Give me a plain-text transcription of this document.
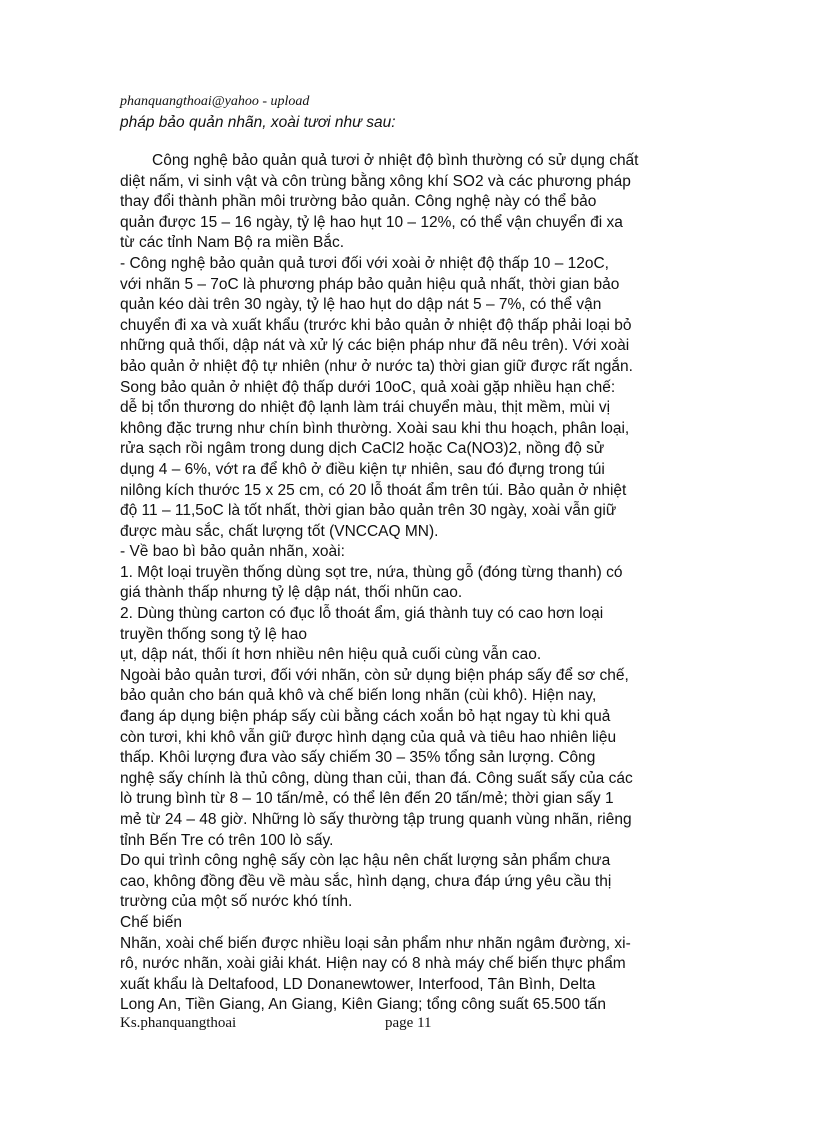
phanquangthoai@yahoo - upload
pháp bảo quản nhãn, xoài tươi như sau:
Công nghệ bảo quản quả tươi ở nhiệt độ bình thường có sử dụng chất
diệt nấm, vi sinh vật và côn trùng bằng xông khí SO2 và các phương pháp
thay đổi thành phần môi trường bảo quản. Công nghệ này có thể bảo
quản được 15 – 16 ngày, tỷ lệ hao hụt 10 – 12%, có thể vận chuyển đi xa
từ các tỉnh Nam Bộ ra miền Bắc.
- Công nghệ bảo quản quả tươi đối với xoài ở nhiệt độ thấp 10 – 12oC,
với nhãn 5 – 7oC là phương pháp bảo quản hiệu quả nhất, thời gian bảo
quản kéo dài trên 30 ngày, tỷ lệ hao hụt do dập nát 5 – 7%, có thể vận
chuyển đi xa và xuất khẩu (trước khi bảo quản ở nhiệt độ thấp phải loại bỏ
những quả thối, dập nát và xử lý các biện pháp như đã nêu trên). Với xoài
bảo quản ở nhiệt độ tự nhiên (như ở nước ta) thời gian giữ được rất ngắn.
Song bảo quản ở nhiệt độ thấp dưới 10oC, quả xoài gặp nhiều hạn chế:
dễ bị tổn thương do nhiệt độ lạnh làm trái chuyển màu, thịt mềm, mùi vị
không đặc trưng như chín bình thường. Xoài sau khi thu hoạch, phân loại,
rửa sạch rồi ngâm trong dung dịch CaCl2 hoặc Ca(NO3)2, nồng độ sử
dụng 4 – 6%, vớt ra để khô ở điều kiện tự nhiên, sau đó đựng trong túi
nilông kích thước 15 x 25 cm, có 20 lỗ thoát ẩm trên túi. Bảo quản ở nhiệt
độ 11 – 11,5oC là tốt nhất, thời gian bảo quản trên 30 ngày, xoài vẫn giữ
được màu sắc, chất lượng tốt (VNCCAQ MN).
- Về bao bì bảo quản nhãn, xoài:
1. Một loại truyền thống dùng sọt tre, nứa, thùng gỗ (đóng từng thanh) có
giá thành thấp nhưng tỷ lệ dập nát, thối nhũn cao.
2. Dùng thùng carton có đục lỗ thoát ẩm, giá thành tuy có cao hơn loại
truyền thống song tỷ lệ hao
ụt, dập nát, thối ít hơn nhiều nên hiệu quả cuối cùng vẫn cao.
Ngoài bảo quản tươi, đối với nhãn, còn sử dụng biện pháp sấy để sơ chế,
bảo quản cho bán quả khô và chế biến long nhãn (cùi khô). Hiện nay,
đang áp dụng biện pháp sấy cùi bằng cách xoắn bỏ hạt ngay tù khi quả
còn tươi, khi khô vẫn giữ được hình dạng của quả và tiêu hao nhiên liệu
thấp. Khôi lượng đưa vào sấy chiếm 30 – 35% tổng sản lượng. Công
nghệ sấy chính là thủ công, dùng than củi, than đá. Công suất sấy của các
lò trung bình từ 8 – 10 tấn/mẻ, có thể lên đến 20 tấn/mẻ; thời gian sấy 1
mẻ từ 24 – 48 giờ. Những lò sấy thường tập trung quanh vùng nhãn, riêng
tỉnh Bến Tre có trên 100 lò sấy.
Do qui trình công nghệ sấy còn lạc hậu nên chất lượng sản phẩm chưa
cao, không đồng đều về màu sắc, hình dạng, chưa đáp ứng yêu cầu thị
trường của một số nước khó tính.
Chế biến
Nhãn, xoài chế biến được nhiều loại sản phẩm như nhãn ngâm đường, xi-
rô, nước nhãn, xoài giải khát. Hiện nay có 8 nhà máy chế biến thực phẩm
xuất khẩu là Deltafood, LD Donanewtower, Interfood, Tân Bình, Delta
Long An, Tiền Giang, An Giang, Kiên Giang; tổng công suất 65.500 tấn
Ks.phanquangthoai	page 11
